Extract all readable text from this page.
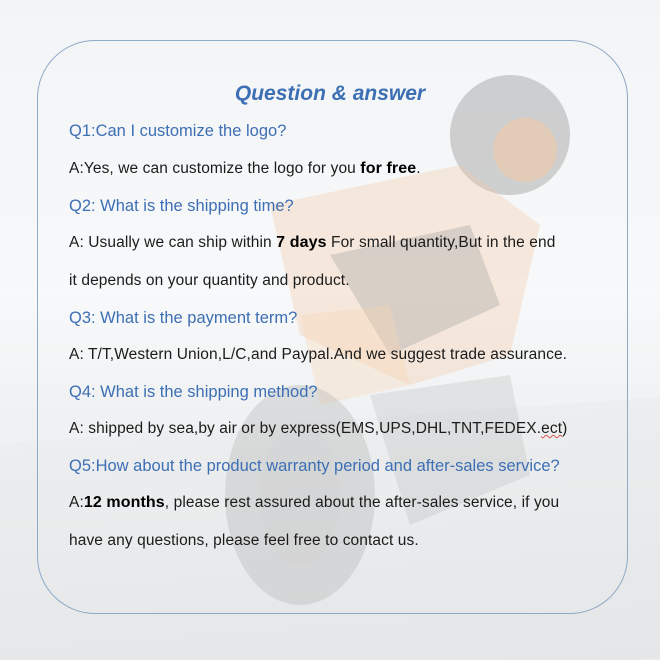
Question & answer
Q1:Can I customize the logo?
A:Yes, we can customize the logo for you for free.
Q2: What is the shipping time?
A: Usually we can ship within 7 days For small quantity,But in the end
it depends on your quantity and product.
Q3: What is the payment term?
A: T/T,Western Union,L/C,and Paypal.And we suggest trade assurance.
Q4: What is the shipping method?
A: shipped by sea,by air or by express(EMS,UPS,DHL,TNT,FEDEX.ect)
Q5:How about the product warranty period and after-sales service?
A:12 months, please rest assured about the after-sales service, if you
have any questions, please feel free to contact us.
